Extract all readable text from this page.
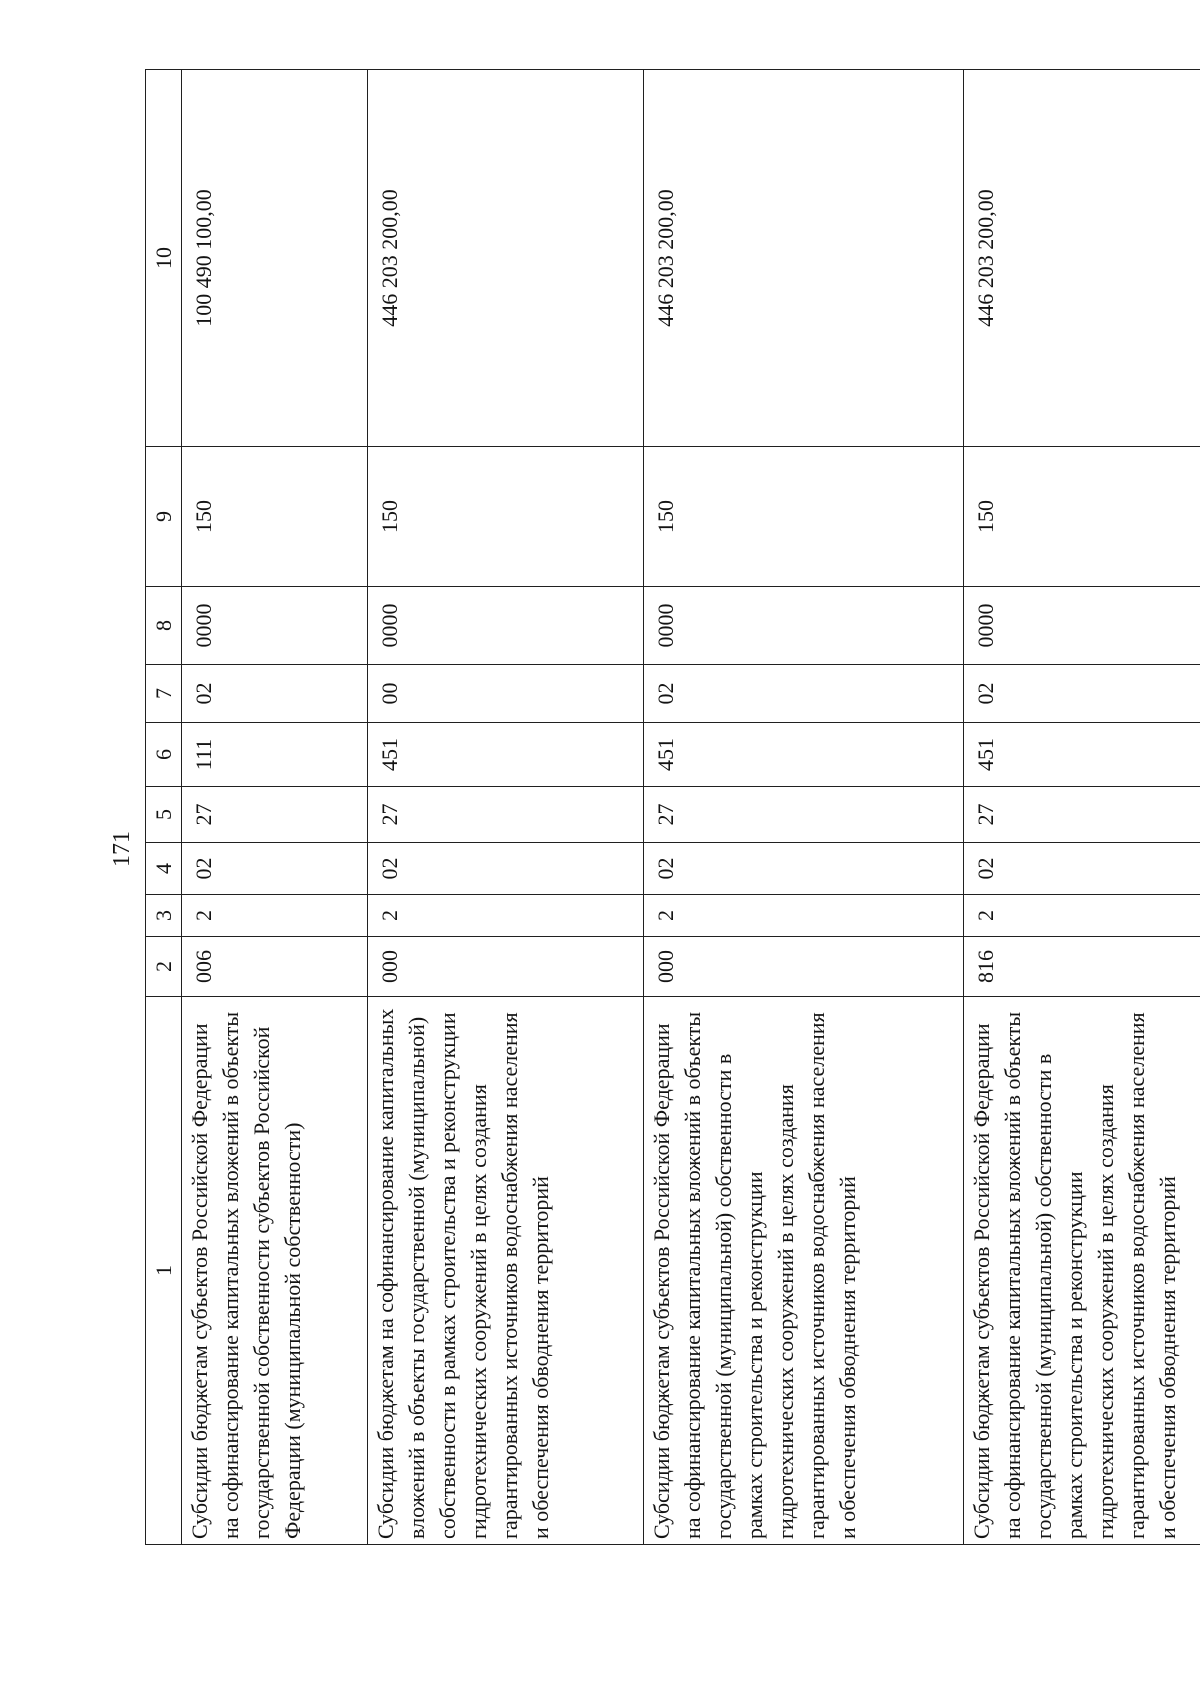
171
1	2	3	4	5	6	7	8	9	10
Субсидии бюджетам субъектов Российской Федерации на софинансирование капитальных вложений в объекты государственной собственности субъектов Российской Федерации (муниципальной собственности)	006	2	02	27	111	02	0000	150	100 490 100,00
Субсидии бюджетам на софинансирование капитальных вложений в объекты государственной (муниципальной) собственности в рамках строительства и реконструкции гидротехнических сооружений в целях создания гарантированных источников водоснабжения населения и обеспечения обводнения территорий	000	2	02	27	451	00	0000	150	446 203 200,00
Субсидии бюджетам субъектов Российской Федерации на софинансирование капитальных вложений в объекты государственной (муниципальной) собственности в рамках строительства и реконструкции гидротехнических сооружений в целях создания гарантированных источников водоснабжения населения и обеспечения обводнения территорий	000	2	02	27	451	02	0000	150	446 203 200,00
Субсидии бюджетам субъектов Российской Федерации на софинансирование капитальных вложений в объекты государственной (муниципальной) собственности в рамках строительства и реконструкции гидротехнических сооружений в целях создания гарантированных источников водоснабжения населения и обеспечения обводнения территорий	816	2	02	27	451	02	0000	150	446 203 200,00
